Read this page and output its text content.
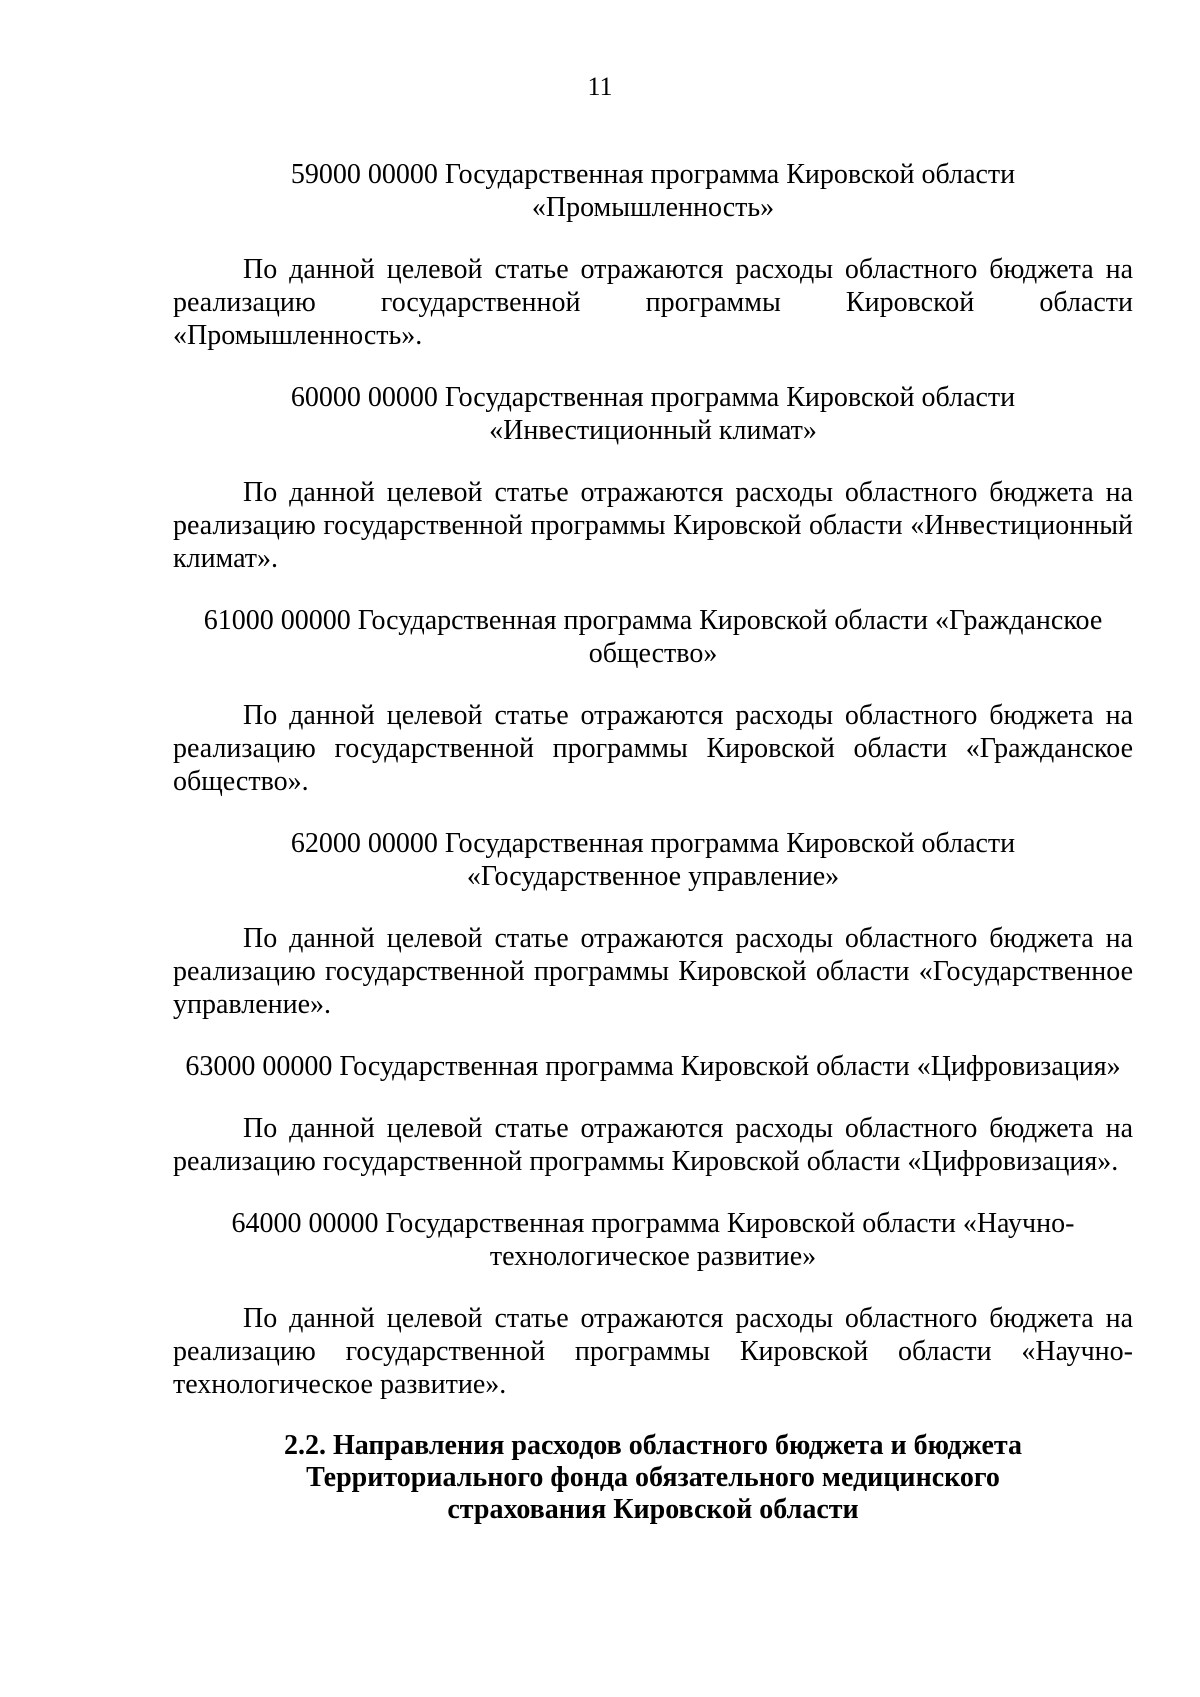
11
59000 00000 Государственная программа Кировской области
«Промышленность»
По данной целевой статье отражаются расходы областного бюджета на реализацию государственной программы Кировской области «Промышленность».
60000 00000 Государственная программа Кировской области
«Инвестиционный климат»
По данной целевой статье отражаются расходы областного бюджета на реализацию государственной программы Кировской области «Инвестиционный климат».
61000 00000 Государственная программа Кировской области «Гражданское
общество»
По данной целевой статье отражаются расходы областного бюджета на реализацию государственной программы Кировской области «Гражданское общество».
62000 00000 Государственная программа Кировской области
«Государственное управление»
По данной целевой статье отражаются расходы областного бюджета на реализацию государственной программы Кировской области «Государственное управление».
63000 00000 Государственная программа Кировской области «Цифровизация»
По данной целевой статье отражаются расходы областного бюджета на реализацию государственной программы Кировской области «Цифровизация».
64000 00000 Государственная программа Кировской области «Научно-
технологическое развитие»
По данной целевой статье отражаются расходы областного бюджета на реализацию государственной программы Кировской области «Научно-технологическое развитие».
2.2. Направления расходов областного бюджета и бюджета
Территориального фонда обязательного медицинского
страхования Кировской области
